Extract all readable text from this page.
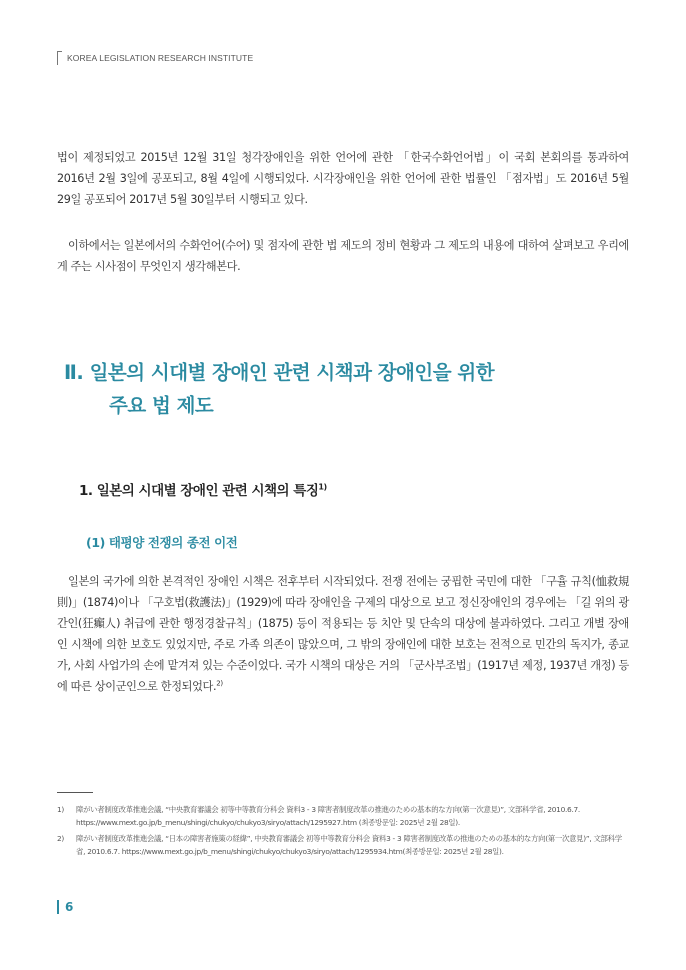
KOREA LEGISLATION RESEARCH INSTITUTE

법이 제정되었고 2015년 12월 31일 청각장애인을 위한 언어에 관한 「한국수화언어법」이 국회 본회의를 통과하여 2016년 2월 3일에 공포되고, 8월 4일에 시행되었다. 시각장애인을 위한 언어에 관한 법률인 「점자법」도 2016년 5월 29일 공포되어 2017년 5월 30일부터 시행되고 있다.

이하에서는 일본에서의 수화언어(수어) 및 점자에 관한 법 제도의 정비 현황과 그 제도의 내용에 대하여 살펴보고 우리에게 주는 시사점이 무엇인지 생각해본다.

Ⅱ. 일본의 시대별 장애인 관련 시책과 장애인을 위한
주요 법 제도
1. 일본의 시대별 장애인 관련 시책의 특징$^{1)}$
(1) 태평양 전쟁의 종전 이전

일본의 국가에 의한 본격적인 장애인 시책은 전후부터 시작되었다. 전쟁 전에는 궁핍한 국민에 대한 「구휼 규칙(恤救規則)」(1874)이나 「구호법(救護法)」(1929)에 따라 장애인을 구제의 대상으로 보고 정신장애인의 경우에는 「길 위의 광간인(狂癲人) 취급에 관한 행정경찰규칙」(1875) 등이 적용되는 등 치안 및 단속의 대상에 불과하였다. 그리고 개별 장애인 시책에 의한 보호도 있었지만, 주로 가족 의존이 많았으며, 그 밖의 장애인에 대한 보호는 전적으로 민간의 독지가, 종교가, 사회 사업가의 손에 맡겨져 있는 수준이었다. 국가 시책의 대상은 거의 「군사부조법」(1917년 제정, 1937년 개정) 등에 따른 상이군인으로 한정되었다.$^{2)}$

1)	障がい者制度改革推進会議, “中央教育審議会 初等中等教育分科会 資料3 - 3 障害者制度改革の推進のための基本的な方向(第一次意見)”, 文部科学省, 2010.6.7. https://www.mext.go.jp/b_menu/shingi/chukyo/chukyo3/siryo/attach/1295927.htm (최종방문일: 2025년 2월 28일).
2)	障がい者制度改革推進会議, “日本の障害者施策の経緯”, 中央教育審議会 初等中等教育分科会 資料3 - 3 障害者制度改革の推進のための基本的な方向(第一次意見)”, 文部科学省, 2010.6.7. https://www.mext.go.jp/b_menu/shingi/chukyo/chukyo3/siryo/attach/1295934.htm(최종방문일: 2025년 2월 28일).
6
